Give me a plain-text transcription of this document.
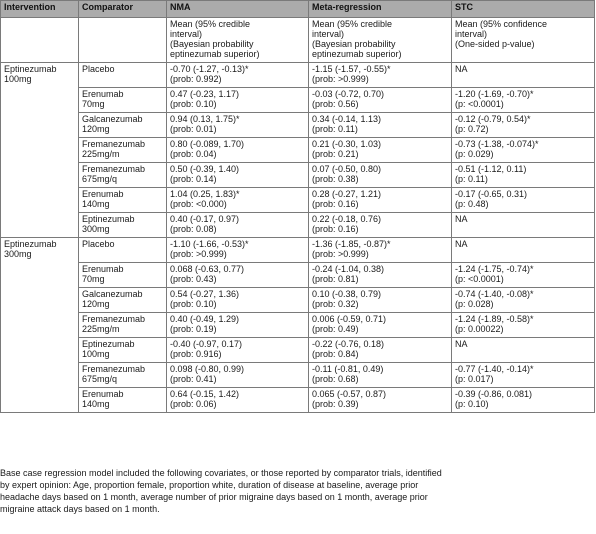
Intervention	Comparator	NMA	Meta-regression	STC

		Mean (95% credible
interval)
(Bayesian probability
eptinezumab superior)	Mean (95% credible
interval)
(Bayesian probability
eptinezumab superior)	Mean (95% confidence
interval)
(One-sided p-value)

Eptinezumab
100mg	Placebo	-0.70 (-1.27, -0.13)*
(prob: 0.992)	-1.15 (-1.57, -0.55)*
(prob: >0.999)	NA

	Erenumab
70mg	0.47 (-0.23, 1.17)
(prob: 0.10)	-0.03 (-0.72, 0.70)
(prob: 0.56)	-1.20 (-1.69, -0.70)*
(p: <0.0001)

	Galcanezumab
120mg	0.94 (0.13, 1.75)*
(prob: 0.01)	0.34 (-0.14, 1.13)
(prob: 0.11)	-0.12 (-0.79, 0.54)*
(p: 0.72)

	Fremanezumab
225mg/m	0.80 (-0.089, 1.70)
(prob: 0.04)	0.21 (-0.30, 1.03)
(prob: 0.21)	-0.73 (-1.38, -0.074)*
(p: 0.029)

	Fremanezumab
675mg/q	0.50 (-0.39, 1.40)
(prob: 0.14)	0.07 (-0.50, 0.80)
(prob: 0.38)	-0.51 (-1.12, 0.11)
(p: 0.11)

	Erenumab
140mg	1.04 (0.25, 1.83)*
(prob: <0.000)	0.28 (-0.27, 1.21)
(prob: 0.16)	-0.17 (-0.65, 0.31)
(p: 0.48)

	Eptinezumab
300mg	0.40 (-0.17, 0.97)
(prob: 0.08)	0.22 (-0.18, 0.76)
(prob: 0.16)	NA

Eptinezumab
300mg	Placebo	-1.10 (-1.66, -0.53)*
(prob: >0.999)	-1.36 (-1.85, -0.87)*
(prob: >0.999)	NA

	Erenumab
70mg	0.068 (-0.63, 0.77)
(prob: 0.43)	-0.24 (-1.04, 0.38)
(prob: 0.81)	-1.24 (-1.75, -0.74)*
(p: <0.0001)

	Galcanezumab
120mg	0.54 (-0.27, 1.36)
(prob: 0.10)	0.10 (-0.38, 0.79)
(prob: 0.32)	-0.74 (-1.40, -0.08)*
(p: 0.028)

	Fremanezumab
225mg/m	0.40 (-0.49, 1.29)
(prob: 0.19)	0.006 (-0.59, 0.71)
(prob: 0.49)	-1.24 (-1.89, -0.58)*
(p: 0.00022)

	Eptinezumab
100mg	-0.40 (-0.97, 0.17)
(prob: 0.916)	-0.22 (-0.76, 0.18)
(prob: 0.84)	NA

	Fremanezumab
675mg/q	0.098 (-0.80, 0.99)
(prob: 0.41)	-0.11 (-0.81, 0.49)
(prob: 0.68)	-0.77 (-1.40, -0.14)*
(p: 0.017)

	Erenumab
140mg	0.64 (-0.15, 1.42)
(prob: 0.06)	0.065 (-0.57, 0.87)
(prob: 0.39)	-0.39 (-0.86, 0.081)
(p: 0.10)
Base case regression model included the following covariates, or those reported by comparator trials, identified
by expert opinion: Age, proportion female, proportion white, duration of disease at baseline, average prior
headache days based on 1 month, average number of prior migraine days based on 1 month, average prior
migraine attack days based on 1 month.
